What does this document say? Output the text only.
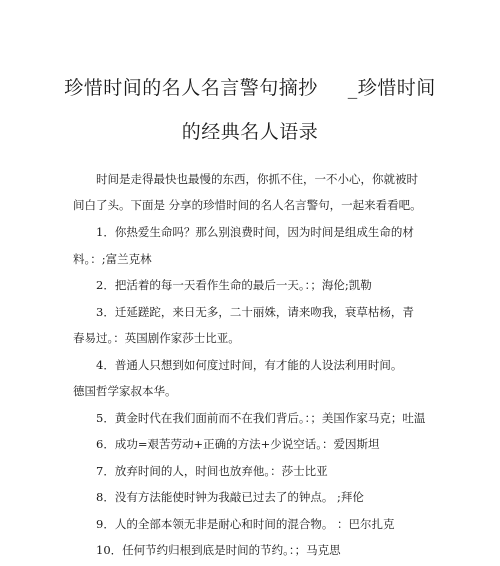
珍惜时间的名人名言警句摘抄 _珍惜时间
的经典名人语录
时间是走得最快也最慢的东西，你抓不住，一不小心，你就被时
间白了头。下面是 分享的珍惜时间的名人名言警句，一起来看看吧。
1．你热爱生命吗？那么别浪费时间，因为时间是组成生命的材
料。：;富兰克林
2．把活着的每一天看作生命的最后一天。：；海伦;凯勒
3．迁延蹉跎，来日无多，二十丽姝，请来吻我，衰草枯杨，青
春易过。：英国剧作家莎士比亚。
4．普通人只想到如何度过时间，有才能的人设法利用时间。
德国哲学家叔本华。
5．黄金时代在我们面前而不在我们背后。：；美国作家马克；吐温
6．成功=艰苦劳动+正确的方法+少说空话。：爱因斯坦
7．放弃时间的人，时间也放弃他。：莎士比亚
8．没有方法能使时钟为我敲已过去了的钟点。 ;拜伦
9．人的全部本领无非是耐心和时间的混合物。 ：巴尔扎克
10．任何节约归根到底是时间的节约。：；马克思
